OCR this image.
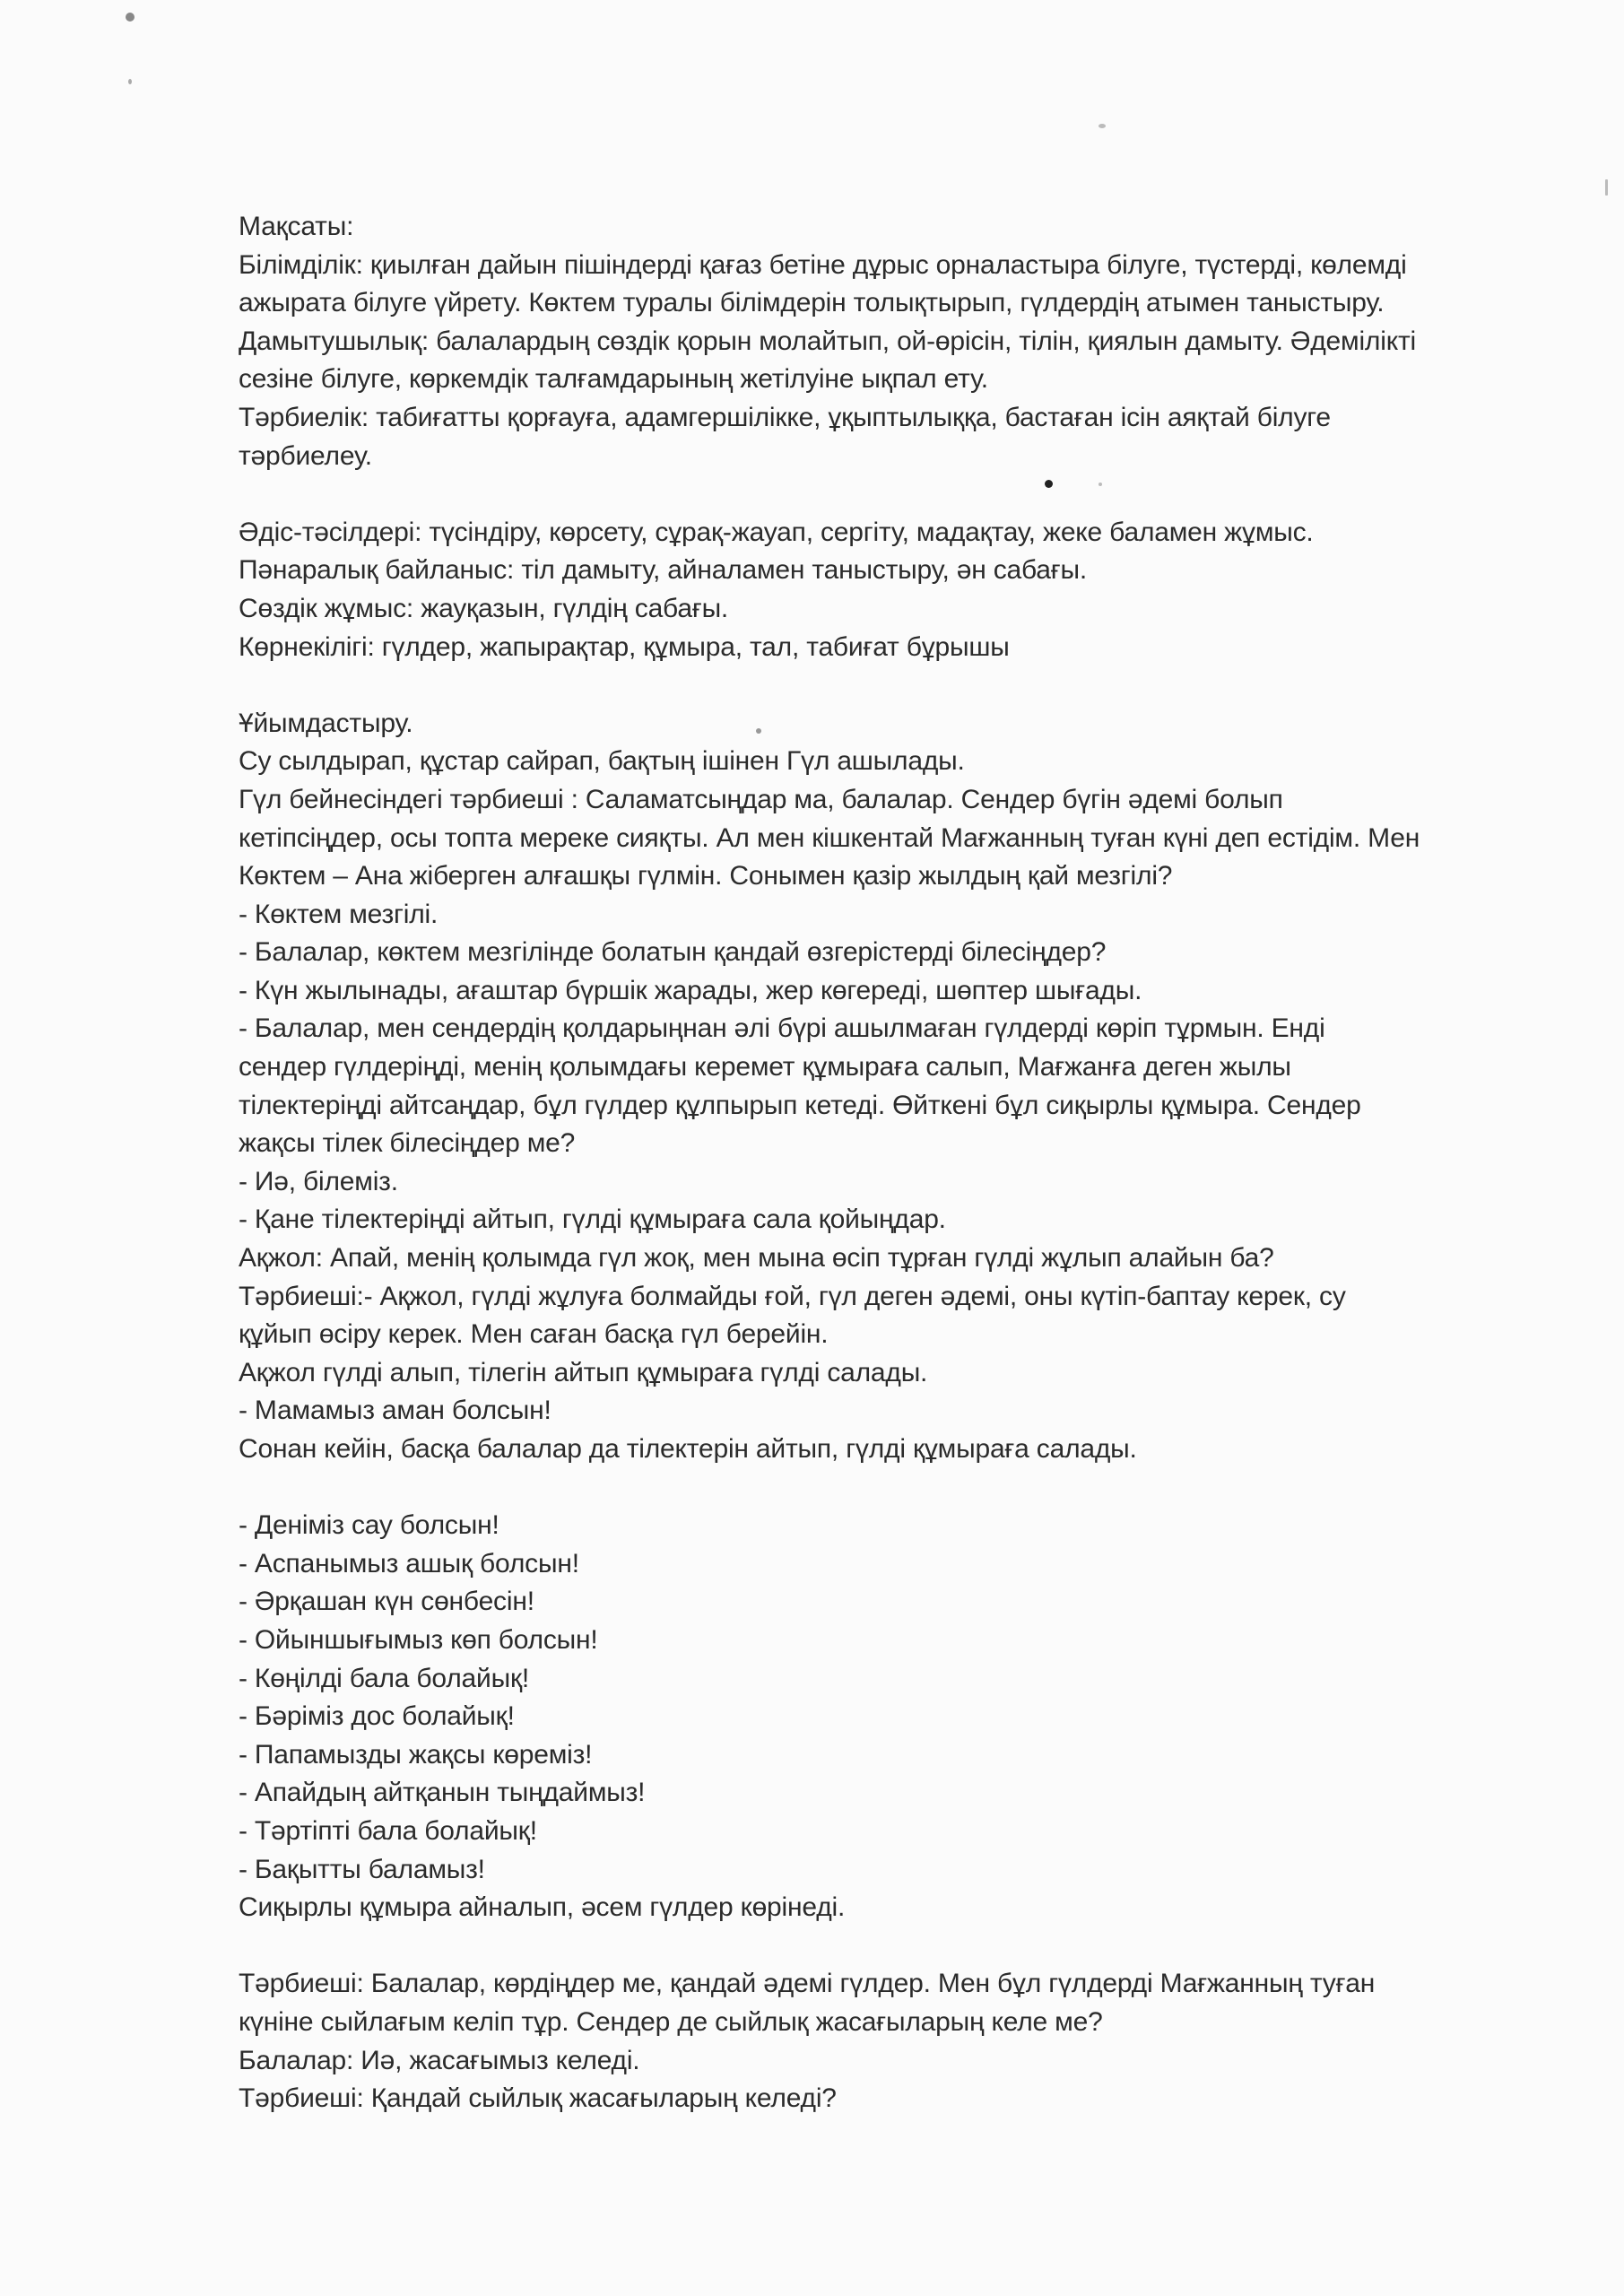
Мақсаты:
Білімділік: қиылған дайын пішіндерді қағаз бетіне дұрыс орналастыра білуге, түстерді, көлемді
ажырата білуге үйрету. Көктем туралы білімдерін толықтырып, гүлдердің атымен таныстыру.
Дамытушылық: балалардың сөздік қорын молайтып, ой-өрісін, тілін, қиялын дамыту. Әдемілікті
сезіне білуге, көркемдік талғамдарының жетілуіне ықпал ету.
Тәрбиелік: табиғатты қорғауға, адамгершілікке, ұқыптылыққа, бастаған ісін аяқтай білуге
тәрбиелеу.
Әдіс-тәсілдері: түсіндіру, көрсету, сұрақ-жауап, сергіту, мадақтау, жеке баламен жұмыс.
Пәнаралық байланыс: тіл дамыту, айналамен таныстыру, ән сабағы.
Сөздік жұмыс: жауқазын, гүлдің сабағы.
Көрнекілігі: гүлдер, жапырақтар, құмыра, тал, табиғат бұрышы
Ұйымдастыру.
Су сылдырап, құстар сайрап, бақтың ішінен Гүл ашылады.
Гүл бейнесіндегі тәрбиеші : Саламатсыңдар ма, балалар. Сендер бүгін әдемі болып
кетіпсіңдер, осы топта мереке сияқты. Ал мен кішкентай Мағжанның туған күні деп естідім. Мен
Көктем – Ана жіберген алғашқы гүлмін. Сонымен қазір жылдың қай мезгілі?
- Көктем мезгілі.
- Балалар, көктем мезгілінде болатын қандай өзгерістерді білесіңдер?
- Күн жылынады, ағаштар бүршік жарады, жер көгереді, шөптер шығады.
- Балалар, мен сендердің қолдарыңнан әлі бүрі ашылмаған гүлдерді көріп тұрмын. Енді
сендер гүлдеріңді, менің қолымдағы керемет құмыраға салып, Мағжанға деген жылы
тілектеріңді айтсаңдар, бұл гүлдер құлпырып кетеді. Өйткені бұл сиқырлы құмыра. Сендер
жақсы тілек білесіңдер ме?
- Иә, білеміз.
- Қане тілектеріңді айтып, гүлді құмыраға сала қойыңдар.
Ақжол: Апай, менің қолымда гүл жоқ, мен мына өсіп тұрған гүлді жұлып алайын ба?
Тәрбиеші:- Ақжол, гүлді жұлуға болмайды ғой, гүл деген әдемі, оны күтіп-баптау керек, су
құйып өсіру керек. Мен саған басқа гүл берейін.
Ақжол гүлді алып, тілегін айтып құмыраға гүлді салады.
- Мамамыз аман болсын!
Сонан кейін, басқа балалар да тілектерін айтып, гүлді құмыраға салады.
- Деніміз сау болсын!
- Аспанымыз ашық болсын!
- Әрқашан күн сөнбесін!
- Ойыншығымыз көп болсын!
- Көңілді бала болайық!
- Бәріміз дос болайық!
- Папамызды жақсы көреміз!
- Апайдың айтқанын тыңдаймыз!
- Тәртіпті бала болайық!
- Бақытты баламыз!
Сиқырлы құмыра айналып, әсем гүлдер көрінеді.
Тәрбиеші: Балалар, көрдіңдер ме, қандай әдемі гүлдер. Мен бұл гүлдерді Мағжанның туған
күніне сыйлағым келіп тұр. Сендер де сыйлық жасағыларың келе ме?
Балалар: Иә, жасағымыз келеді.
Тәрбиеші: Қандай сыйлық жасағыларың келеді?
